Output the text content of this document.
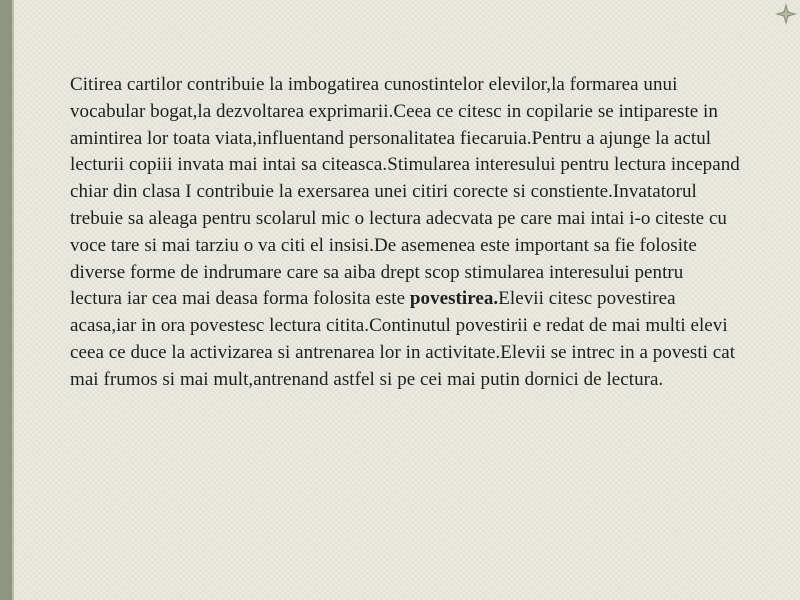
Citirea cartilor contribuie la imbogatirea cunostintelor elevilor,la formarea unui vocabular bogat,la dezvoltarea exprimarii.Ceea ce citesc in copilarie se intipareste in amintirea lor toata viata,influentand personalitatea fiecaruia.Pentru a ajunge la actul lecturii copiii invata mai intai sa citeasca.Stimularea interesului pentru lectura incepand chiar din clasa I contribuie la exersarea unei citiri corecte si constiente.Invatatorul trebuie sa aleaga pentru scolarul mic o lectura adecvata pe care mai intai i-o citeste cu voce tare si mai tarziu o va citi el insisi.De asemenea este important sa fie folosite diverse forme de indrumare care sa aiba drept scop stimularea interesului pentru lectura iar cea mai deasa forma folosita este povestirea.Elevii citesc povestirea acasa,iar in ora povestesc lectura citita.Continutul povestirii e redat de mai multi elevi ceea ce duce la activizarea si antrenarea lor in activitate.Elevii se intrec in a povesti cat mai frumos si mai mult,antrenand astfel si pe cei mai putin dornici de lectura.
